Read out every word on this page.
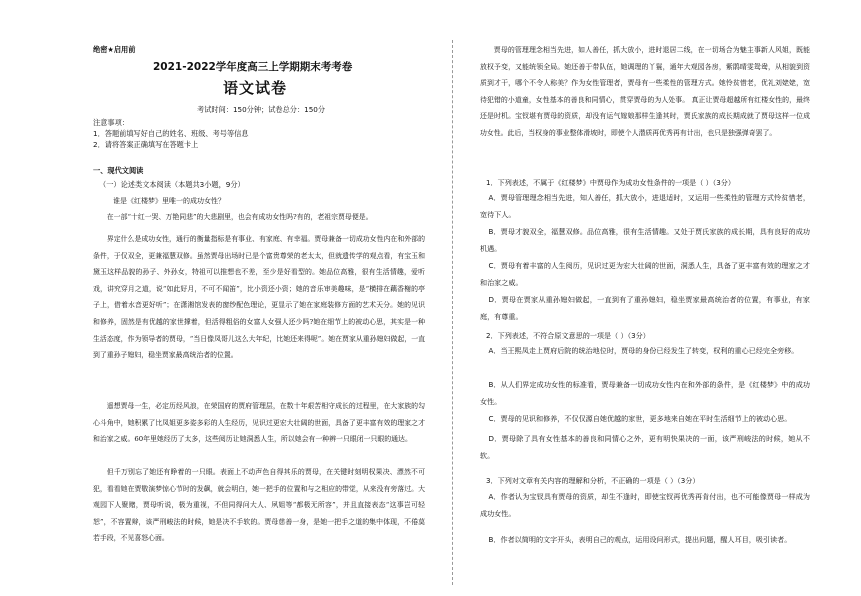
绝密★启用前
2021-2022学年度高三上学期期末考考卷
语文试卷
考试时间：150分钟；试卷总分：150分
注意事项：
1．答题前填写好自己的姓名、班级、考号等信息
2．请将答案正确填写在答题卡上
一、现代文阅读
（一）论述类文本阅读（本题共3小题，9分）
谁是《红楼梦》里唯一的成功女性？
在一部“十红一哭、万艳同悲”的大悲剧里，也会有成功女性吗?有的，老祖宗贾母便是。
界定什么是成功女性，通行的衡量指标是有事业、有家庭、有幸福。贾母兼备一切成功女性内在和外部的条件，于仅双全，更兼福慧双修。虽然贾母出场时已是个富贵尊荣的老太太，但就遗传学的观点看，有宝玉和黛玉这样品貌的孙子、外孙女，特祖可以推想也不差，至少是好看型的。她品位高雅，很有生活情趣，爱听戏，讲究穿月之道，说“如此好月，不可不闻笛”，比小资还小资；她的音乐审美趣味，是“横排在藕香榭的亭子上，借着水音更好听”；在潇湘馆发表的窗纱配色理论，更显示了她在家庭装修方面的艺术天分。她的见识和修养，固然是有优越的家世撑着，但活得粗俗的女富人女强人还少吗?她在细节上的被动心思，其实是一种生活态度，作为领导者的贾母，“当日像凤哥儿这么大年纪，比她还来得呢”。她在贾家从重孙媳妇做起，一直到了重孙子媳妇，稳坐贾家最高统治者的位置。
遥想贾母一生，必定历经风浪，在荣国府的贾府管理层，在数十年艰苦相守成长的过程里，在大家族的勾心斗角中，她积累了比凤姐更多姿多彩的人生经历，见识过更宏大壮阔的世面，具备了更丰富有效的理家之才和治家之威。60年里她经历了太多，这些阅历让她洞悉人生，所以她会有一种辨一只眼闭一只眼的通达。
但千万别忘了她还有睁着的一只眼。表面上不动声色自得其乐的贾母，在关键时刻明权果决、漂然不可犯，看看她在贾敬演梦惊心节时的发飙，就会明白，她一把手的位置和与之相应的带觉，从来没有旁落过。大观园下人聚赌，贾母听说，极为重视，不但同得问大人、夙姐等“都极无所容”，并且直接表态“这事岂可轻恕”，不容置辩，该严刑峻法的时候，她是决不手软的。贾母慈善一身，是她一把手之道的集中体现，不倦莫若手段，不见喜怒心面。
贾母的管理理念相当先进，如人善任，抓大放小，进时退居二线，在一切场合为魅主事新人风姐，既能放权予变，又能统领全局。她还善于带队伍，她调理的丫鬟，通年大观园各房，紫鹃晴雯鸳鸯，从相貌到资质到才干，哪个不令人称美？作为女性管理者，贾母有一些柔性的管理方式。她怜贫惜老，优礼刘姥姥，宽待犯错的小道童，女性基本的善良和同情心，贯穿贾母的为人处事。 真正让贾母超越所有红楼女性的，最终还是时机。宝钗堪有贾母的资质，却没有运气嫁娘那样生逢其时，贾氏家族的成长期成就了贾母这样一位成功女性。此后，当权身的事业整体滑坡时，即使个人潜质再优秀再有计出，也只是独强弹奇罢了。
1．下列表述，不属于《红楼梦》中贾母作为成功女性条件的一项是（ ）（3分）
A．贾母管理理念相当先进，知人善任，抓大放小，进退适时，又运用一些柔性的管理方式怜贫惜老，宽待下人。
B．贾母才貌双全，福慧双修。品位高雅，很有生活情趣。又处于贾氏家族的成长期，具有良好的成功机遇。
C．贾母有着丰富的人生阅历，见识过更为宏大壮阔的世面，洞悉人生，具备了更丰富有效的理家之才和治家之威。
D．贾母在贾家从重孙媳妇做起，一直到有了重孙媳妇，稳坐贾家最高统治者的位置，有事业，有家庭，有尊重。
2．下列表述，不符合原文意思的一项是（ ）（3分）
A．当王熙凤走上贾府后院的统治地位时，贾母的身份已经发生了转变，权利的重心已经完全旁移。
B．从人们界定成功女性的标准看，贾母兼备一切成功女性内在和外部的条件，是《红楼梦》中的成功女性。
C．贾母的见识和修养，不仅仅源自她优越的家世，更多地来自她在平时生活细节上的被动心思。
D．贾母除了具有女性基本的善良和同情心之外，更有明快果决的一面，该严刑峻法的时候，她从不软。
3．下列对文章有关内容的理解和分析，不正确的一项是（ ）（3分）
A．作者认为宝钗具有贾母的资质，却生不逢时，即使宝钗再优秀再肯付出，也不可能像贾母一样成为成功女性。
B．作者以简明的文字开头，表明自己的观点，运用设问形式，提出问题，醒人耳目，吸引读者。
